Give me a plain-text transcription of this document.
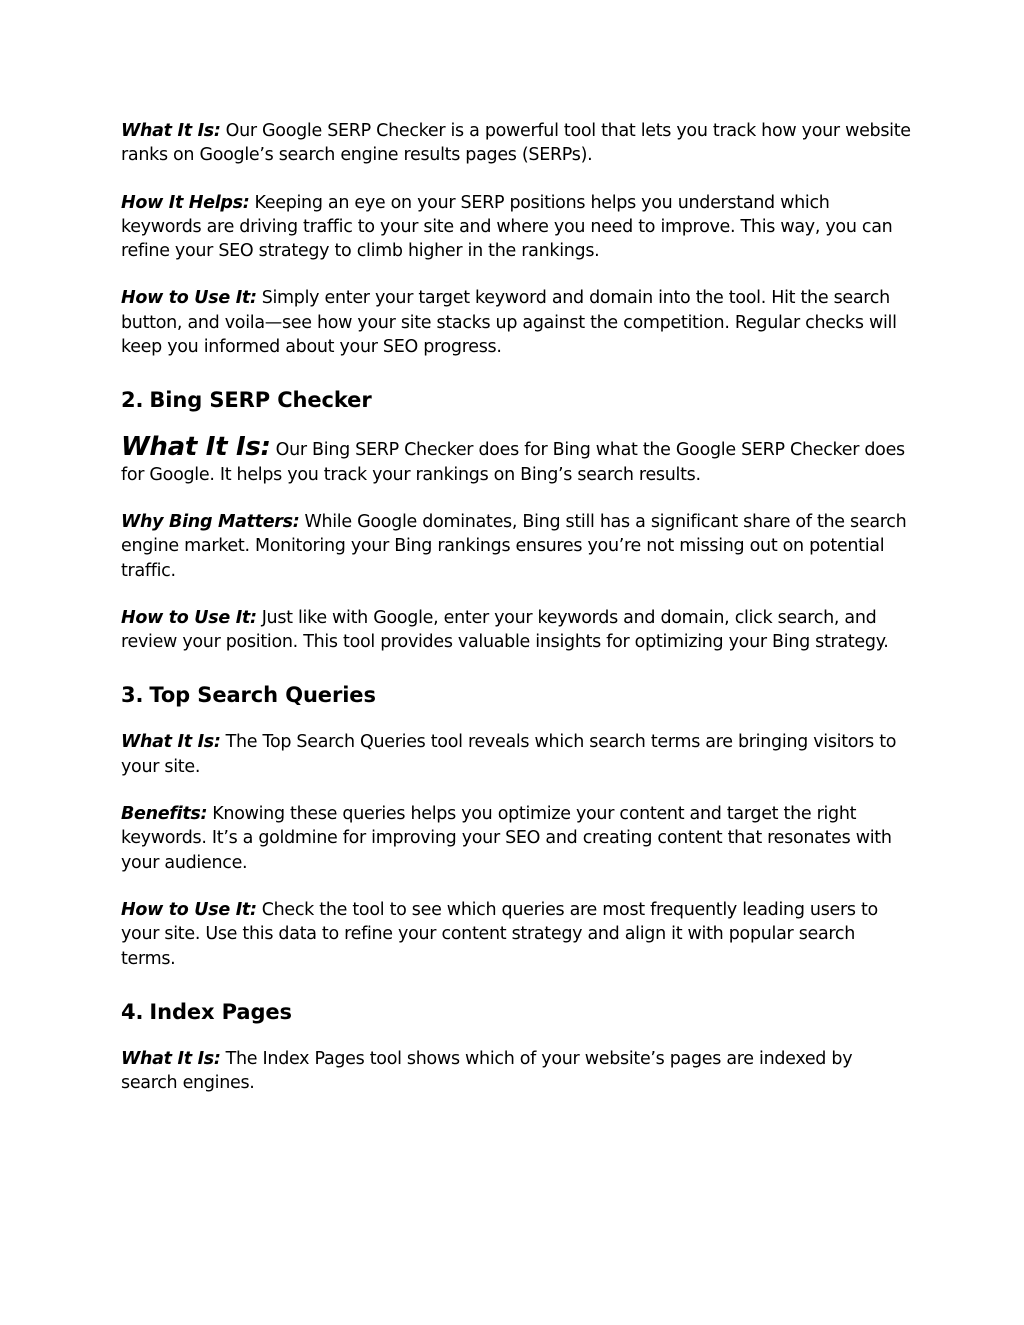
What It Is: Our Google SERP Checker is a powerful tool that lets you track how your website ranks on Google’s search engine results pages (SERPs).

How It Helps: Keeping an eye on your SERP positions helps you understand which keywords are driving traffic to your site and where you need to improve. This way, you can refine your SEO strategy to climb higher in the rankings.

How to Use It: Simply enter your target keyword and domain into the tool. Hit the search button, and voila—see how your site stacks up against the competition. Regular checks will keep you informed about your SEO progress.

2. Bing SERP Checker

What It Is: Our Bing SERP Checker does for Bing what the Google SERP Checker does for Google. It helps you track your rankings on Bing’s search results.

Why Bing Matters: While Google dominates, Bing still has a significant share of the search engine market. Monitoring your Bing rankings ensures you’re not missing out on potential traffic.

How to Use It: Just like with Google, enter your keywords and domain, click search, and review your position. This tool provides valuable insights for optimizing your Bing strategy.

3. Top Search Queries

What It Is: The Top Search Queries tool reveals which search terms are bringing visitors to your site.

Benefits: Knowing these queries helps you optimize your content and target the right keywords. It’s a goldmine for improving your SEO and creating content that resonates with your audience.

How to Use It: Check the tool to see which queries are most frequently leading users to your site. Use this data to refine your content strategy and align it with popular search terms.

4. Index Pages

What It Is: The Index Pages tool shows which of your website’s pages are indexed by search engines.
